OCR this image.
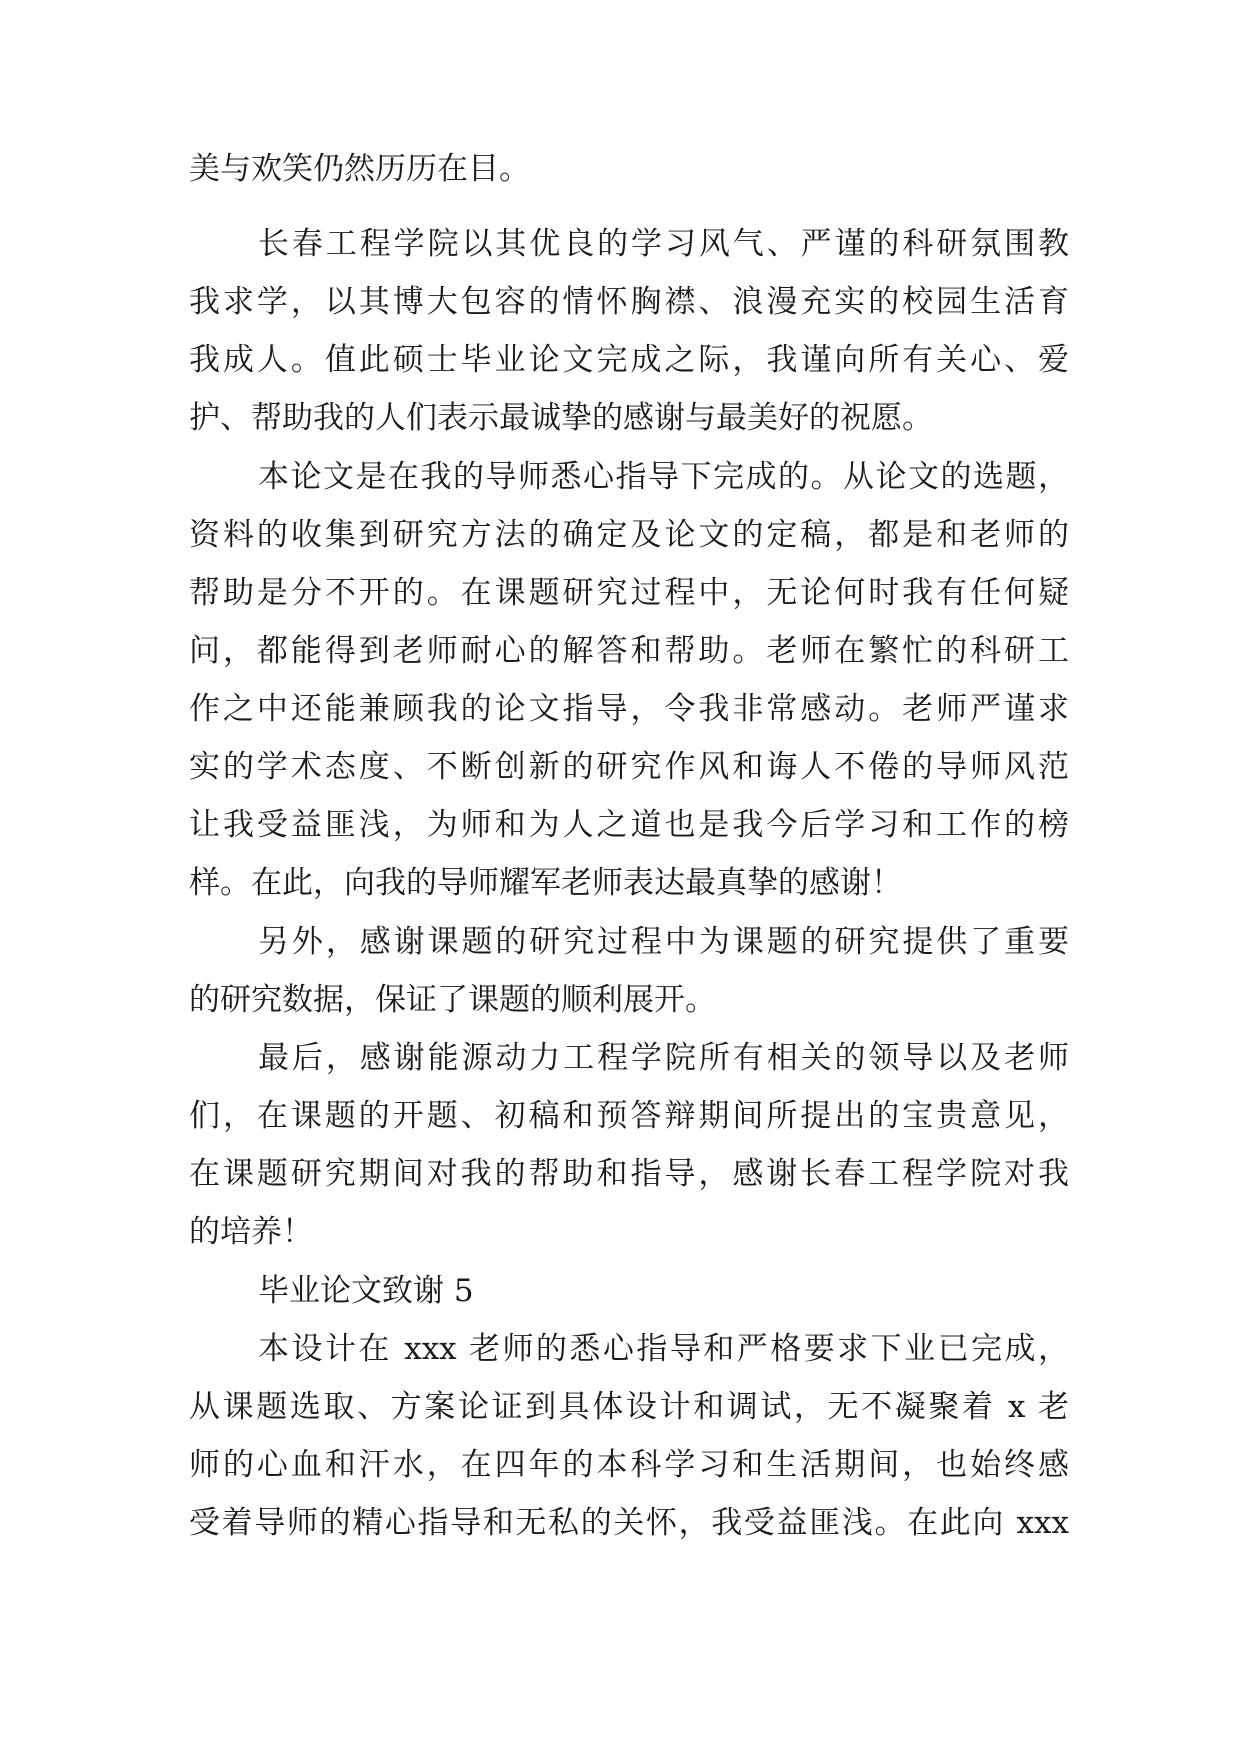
美与欢笑仍然历历在目。
长春工程学院以其优良的学习风气、严谨的科研氛围教
我求学，以其博大包容的情怀胸襟、浪漫充实的校园生活育
我成人。值此硕士毕业论文完成之际，我谨向所有关心、爱
护、帮助我的人们表示最诚挚的感谢与最美好的祝愿。
本论文是在我的导师悉心指导下完成的。从论文的选题，
资料的收集到研究方法的确定及论文的定稿，都是和老师的
帮助是分不开的。在课题研究过程中，无论何时我有任何疑
问，都能得到老师耐心的解答和帮助。老师在繁忙的科研工
作之中还能兼顾我的论文指导，令我非常感动。老师严谨求
实的学术态度、不断创新的研究作风和诲人不倦的导师风范
让我受益匪浅，为师和为人之道也是我今后学习和工作的榜
样。在此，向我的导师耀军老师表达最真挚的感谢！
另外，感谢课题的研究过程中为课题的研究提供了重要
的研究数据，保证了课题的顺利展开。
最后，感谢能源动力工程学院所有相关的领导以及老师
们，在课题的开题、初稿和预答辩期间所提出的宝贵意见，
在课题研究期间对我的帮助和指导，感谢长春工程学院对我
的培养！
毕业论文致谢 5
本设计在 xxx 老师的悉心指导和严格要求下业已完成，
从课题选取、方案论证到具体设计和调试，无不凝聚着 x 老
师的心血和汗水，在四年的本科学习和生活期间，也始终感
受着导师的精心指导和无私的关怀，我受益匪浅。在此向 xxx
